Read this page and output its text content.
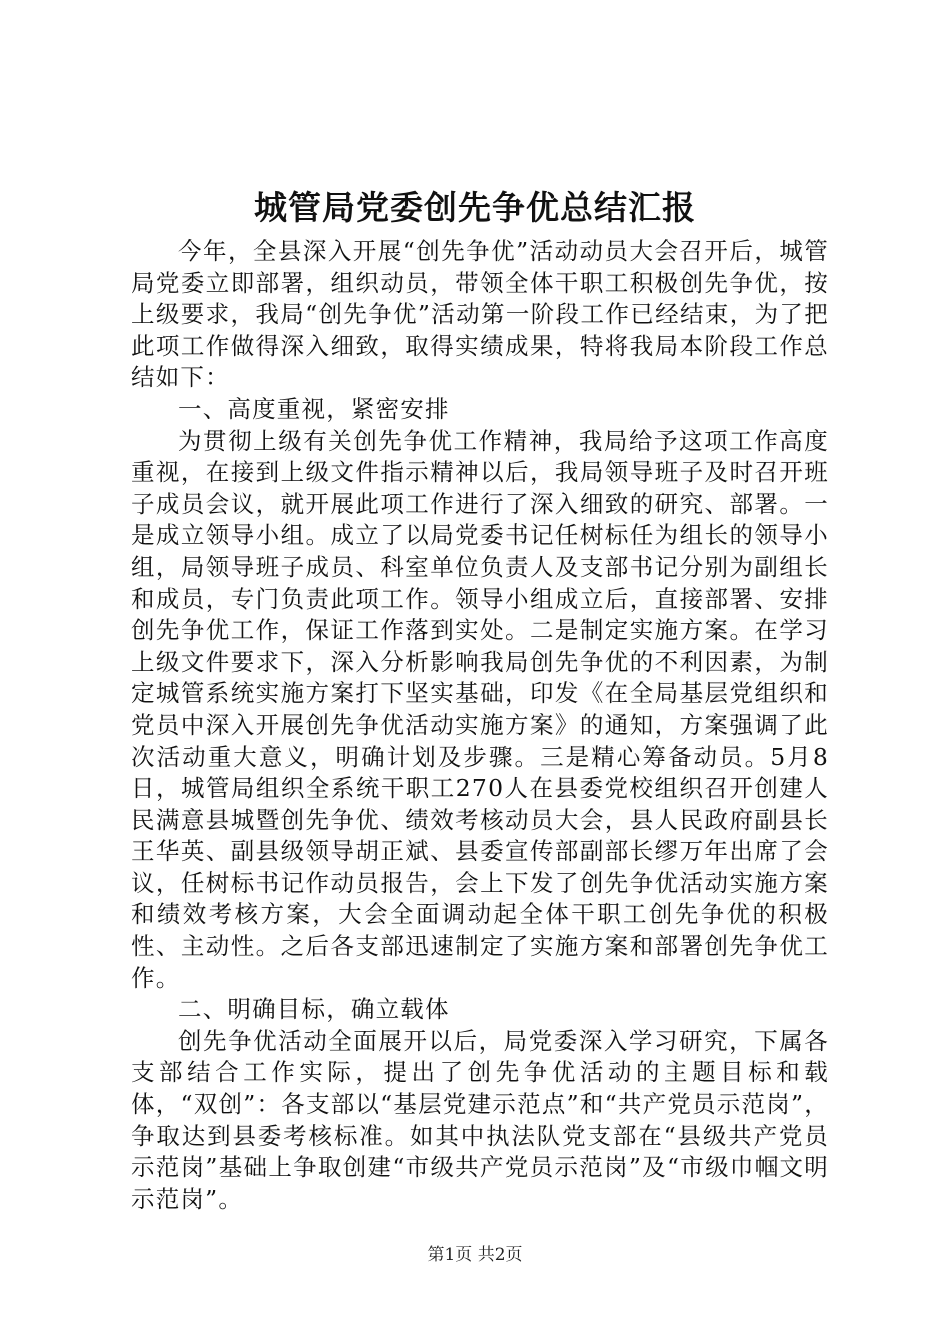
城管局党委创先争优总结汇报

今年，全县深入开展“创先争优”活动动员大会召开后，城管局党委立即部署，组织动员，带领全体干职工积极创先争优，按上级要求，我局“创先争优”活动第一阶段工作已经结束，为了把此项工作做得深入细致，取得实绩成果，特将我局本阶段工作总结如下：

一、高度重视，紧密安排

为贯彻上级有关创先争优工作精神，我局给予这项工作高度重视，在接到上级文件指示精神以后，我局领导班子及时召开班子成员会议，就开展此项工作进行了深入细致的研究、部署。一是成立领导小组。成立了以局党委书记任树标任为组长的领导小组，局领导班子成员、科室单位负责人及支部书记分别为副组长和成员，专门负责此项工作。领导小组成立后，直接部署、安排创先争优工作，保证工作落到实处。二是制定实施方案。在学习上级文件要求下，深入分析影响我局创先争优的不利因素，为制定城管系统实施方案打下坚实基础，印发《在全局基层党组织和党员中深入开展创先争优活动实施方案》的通知，方案强调了此次活动重大意义，明确计划及步骤。三是精心筹备动员。5月8日，城管局组织全系统干职工270人在县委党校组织召开创建人民满意县城暨创先争优、绩效考核动员大会，县人民政府副县长王华英、副县级领导胡正斌、县委宣传部副部长缪万年出席了会议，任树标书记作动员报告，会上下发了创先争优活动实施方案和绩效考核方案，大会全面调动起全体干职工创先争优的积极性、主动性。之后各支部迅速制定了实施方案和部署创先争优工作。

二、明确目标，确立载体

创先争优活动全面展开以后，局党委深入学习研究，下属各支部结合工作实际，提出了创先争优活动的主题目标和载体，“双创”：各支部以“基层党建示范点”和“共产党员示范岗”，争取达到县委考核标准。如其中执法队党支部在“县级共产党员示范岗”基础上争取创建“市级共产党员示范岗”及“市级巾帼文明示范岗”。

第1页 共2页
